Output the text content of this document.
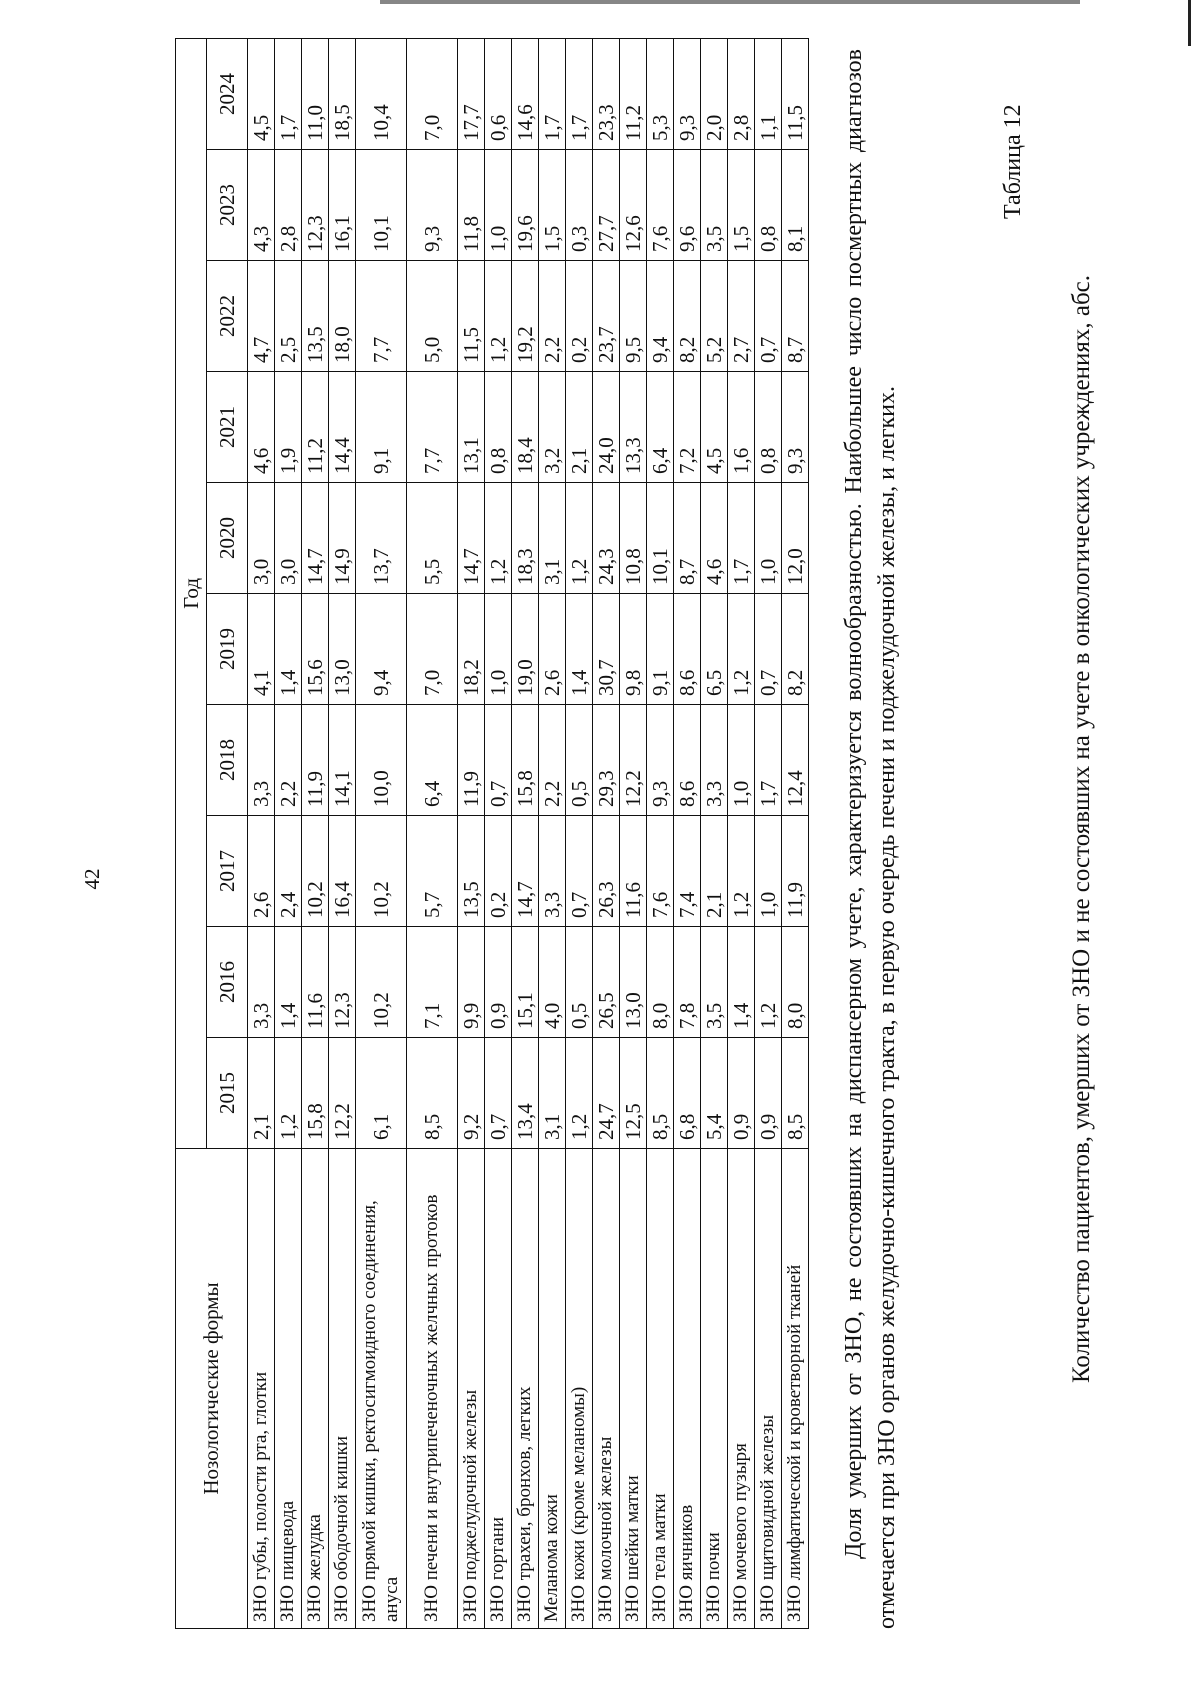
42
Нозологические формы	Год									
	2015	2016	2017	2018	2019	2020	2021	2022	2023	2024
ЗНО губы, полости рта, глотки	2,1	3,3	2,6	3,3	4,1	3,0	4,6	4,7	4,3	4,5
ЗНО пищевода	1,2	1,4	2,4	2,2	1,4	3,0	1,9	2,5	2,8	1,7
ЗНО желудка	15,8	11,6	10,2	11,9	15,6	14,7	11,2	13,5	12,3	11,0
ЗНО ободочной кишки	12,2	12,3	16,4	14,1	13,0	14,9	14,4	18,0	16,1	18,5
ЗНО прямой кишки, ректосигмоидного соединения, ануса	6,1	10,2	10,2	10,0	9,4	13,7	9,1	7,7	10,1	10,4
ЗНО печени и внутрипеченочных желчных протоков	8,5	7,1	5,7	6,4	7,0	5,5	7,7	5,0	9,3	7,0
ЗНО поджелудочной железы	9,2	9,9	13,5	11,9	18,2	14,7	13,1	11,5	11,8	17,7
ЗНО гортани	0,7	0,9	0,2	0,7	1,0	1,2	0,8	1,2	1,0	0,6
ЗНО трахеи, бронхов, легких	13,4	15,1	14,7	15,8	19,0	18,3	18,4	19,2	19,6	14,6
Меланома кожи	3,1	4,0	3,3	2,2	2,6	3,1	3,2	2,2	1,5	1,7
ЗНО кожи (кроме меланомы)	1,2	0,5	0,7	0,5	1,4	1,2	2,1	0,2	0,3	1,7
ЗНО молочной железы	24,7	26,5	26,3	29,3	30,7	24,3	24,0	23,7	27,7	23,3
ЗНО шейки матки	12,5	13,0	11,6	12,2	9,8	10,8	13,3	9,5	12,6	11,2
ЗНО тела матки	8,5	8,0	7,6	9,3	9,1	10,1	6,4	9,4	7,6	5,3
ЗНО яичников	6,8	7,8	7,4	8,6	8,6	8,7	7,2	8,2	9,6	9,3
ЗНО почки	5,4	3,5	2,1	3,3	6,5	4,6	4,5	5,2	3,5	2,0
ЗНО мочевого пузыря	0,9	1,4	1,2	1,0	1,2	1,7	1,6	2,7	1,5	2,8
ЗНО щитовидной железы	0,9	1,2	1,0	1,7	0,7	1,0	0,8	0,7	0,8	1,1
ЗНО лимфатической и кроветворной тканей	8,5	8,0	11,9	12,4	8,2	12,0	9,3	8,7	8,1	11,5 Доля умерших от ЗНО, не состоявших на диспансерном учете, характеризуется волнообразностью. Наибольшее число посмертных диагнозов отмечается при ЗНО органов желудочно-кишечного тракта, в первую очередь печени и поджелудочной железы, и легких.
Таблица 12
Количество пациентов, умерших от ЗНО и не состоявших на учете в онкологических учреждениях, абс.
